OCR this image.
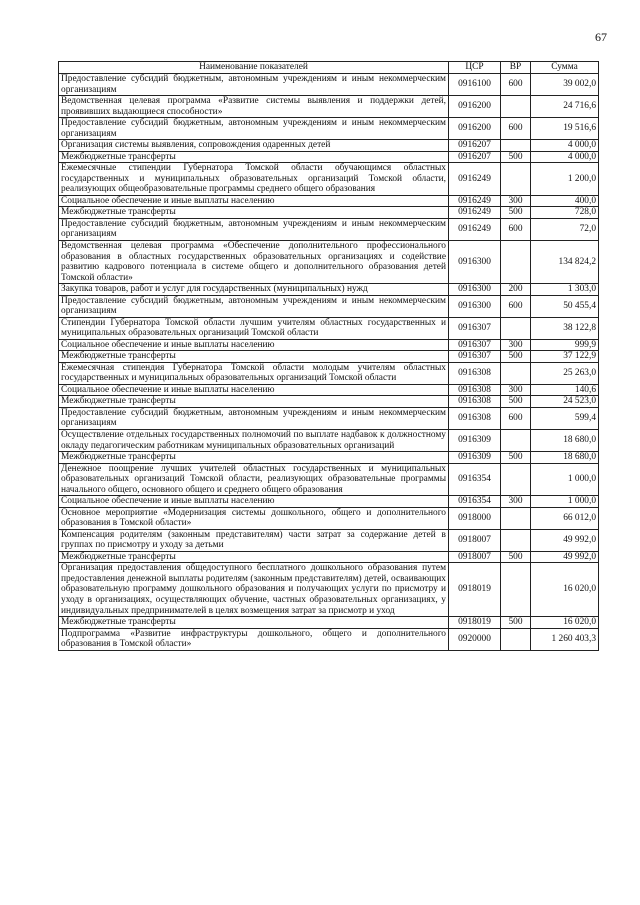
67
Наименование показателей	ЦСР	ВР	Сумма
Предоставление субсидий бюджетным, автономным учреждениям и иным некоммерческим организациям	0916100	600	39 002,0
Ведомственная целевая программа «Развитие системы выявления и поддержки детей, проявивших выдающиеся способности»	0916200		24 716,6
Предоставление субсидий бюджетным, автономным учреждениям и иным некоммерческим организациям	0916200	600	19 516,6
Организация системы выявления, сопровождения одаренных детей	0916207		4 000,0
Межбюджетные трансферты	0916207	500	4 000,0
Ежемесячные стипендии Губернатора Томской области обучающимся областных государственных и муниципальных образовательных организаций Томской области, реализующих общеобразовательные программы среднего общего образования	0916249		1 200,0
Социальное обеспечение и иные выплаты населению	0916249	300	400,0
Межбюджетные трансферты	0916249	500	728,0
Предоставление субсидий бюджетным, автономным учреждениям и иным некоммерческим организациям	0916249	600	72,0
Ведомственная целевая программа «Обеспечение дополнительного профессионального образования в областных государственных образовательных организациях и содействие развитию кадрового потенциала в системе общего и дополнительного образования детей Томской области»	0916300		134 824,2
Закупка товаров, работ и услуг для государственных (муниципальных) нужд	0916300	200	1 303,0
Предоставление субсидий бюджетным, автономным учреждениям и иным некоммерческим организациям	0916300	600	50 455,4
Стипендии Губернатора Томской области лучшим учителям областных государственных и муниципальных образовательных организаций Томской области	0916307		38 122,8
Социальное обеспечение и иные выплаты населению	0916307	300	999,9
Межбюджетные трансферты	0916307	500	37 122,9
Ежемесячная стипендия Губернатора Томской области молодым учителям областных государственных и муниципальных образовательных организаций Томской области	0916308		25 263,0
Социальное обеспечение и иные выплаты населению	0916308	300	140,6
Межбюджетные трансферты	0916308	500	24 523,0
Предоставление субсидий бюджетным, автономным учреждениям и иным некоммерческим организациям	0916308	600	599,4
Осуществление отдельных государственных полномочий по выплате надбавок к должностному окладу педагогическим работникам муниципальных образовательных организаций	0916309		18 680,0
Межбюджетные трансферты	0916309	500	18 680,0
Денежное поощрение лучших учителей областных государственных и муниципальных образовательных организаций Томской области, реализующих образовательные программы начального общего, основного общего и среднего общего образования	0916354		1 000,0
Социальное обеспечение и иные выплаты населению	0916354	300	1 000,0
Основное мероприятие «Модернизация системы дошкольного, общего и дополнительного образования в Томской области»	0918000		66 012,0
Компенсация родителям (законным представителям) части затрат за содержание детей в группах по присмотру и уходу за детьми	0918007		49 992,0
Межбюджетные трансферты	0918007	500	49 992,0
Организация предоставления общедоступного бесплатного дошкольного образования путем предоставления денежной выплаты родителям (законным представителям) детей, осваивающих образовательную программу дошкольного образования и получающих услуги по присмотру и уходу в организациях, осуществляющих обучение, частных образовательных организациях, у индивидуальных предпринимателей в целях возмещения затрат за присмотр и уход	0918019		16 020,0
Межбюджетные трансферты	0918019	500	16 020,0
Подпрограмма «Развитие инфраструктуры дошкольного, общего и дополнительного образования в Томской области»	0920000		1 260 403,3
